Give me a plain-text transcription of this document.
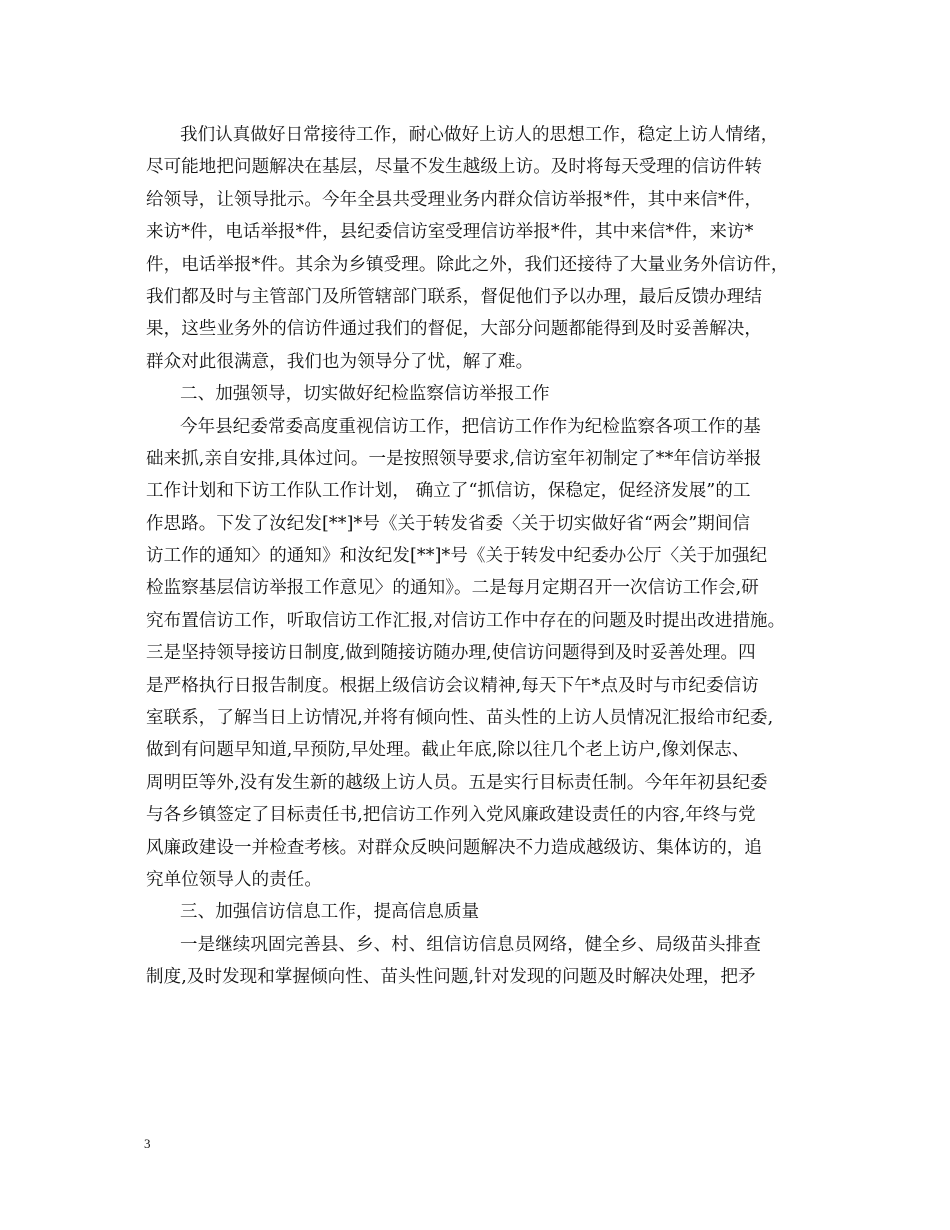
我们认真做好日常接待工作，耐心做好上访人的思想工作，稳定上访人情绪，
尽可能地把问题解决在基层，尽量不发生越级上访。及时将每天受理的信访件转
给领导，让领导批示。今年全县共受理业务内群众信访举报*件，其中来信*件，
来访*件，电话举报*件，县纪委信访室受理信访举报*件，其中来信*件，来访*
件，电话举报*件。其余为乡镇受理。除此之外，我们还接待了大量业务外信访件，
我们都及时与主管部门及所管辖部门联系，督促他们予以办理，最后反馈办理结
果，这些业务外的信访件通过我们的督促，大部分问题都能得到及时妥善解决，
群众对此很满意，我们也为领导分了忧，解了难。
二、加强领导，切实做好纪检监察信访举报工作
今年县纪委常委高度重视信访工作，把信访工作作为纪检监察各项工作的基
础来抓,亲自安排,具体过问。一是按照领导要求,信访室年初制定了**年信访举报
工作计划和下访工作队工作计划， 确立了“抓信访，保稳定，促经济发展”的工
作思路。下发了汝纪发[**]*号《关于转发省委〈关于切实做好省“两会”期间信
访工作的通知〉的通知》和汝纪发[**]*号《关于转发中纪委办公厅〈关于加强纪
检监察基层信访举报工作意见〉的通知》。二是每月定期召开一次信访工作会,研
究布置信访工作，听取信访工作汇报,对信访工作中存在的问题及时提出改进措施。
三是坚持领导接访日制度,做到随接访随办理,使信访问题得到及时妥善处理。四
是严格执行日报告制度。根据上级信访会议精神,每天下午*点及时与市纪委信访
室联系，了解当日上访情况,并将有倾向性、苗头性的上访人员情况汇报给市纪委,
做到有问题早知道,早预防,早处理。截止年底,除以往几个老上访户,像刘保志、
周明臣等外,没有发生新的越级上访人员。五是实行目标责任制。今年年初县纪委
与各乡镇签定了目标责任书,把信访工作列入党风廉政建设责任的内容,年终与党
风廉政建设一并检查考核。对群众反映问题解决不力造成越级访、集体访的，追
究单位领导人的责任。
三、加强信访信息工作，提高信息质量
一是继续巩固完善县、乡、村、组信访信息员网络，健全乡、局级苗头排查
制度,及时发现和掌握倾向性、苗头性问题,针对发现的问题及时解决处理，把矛
3
